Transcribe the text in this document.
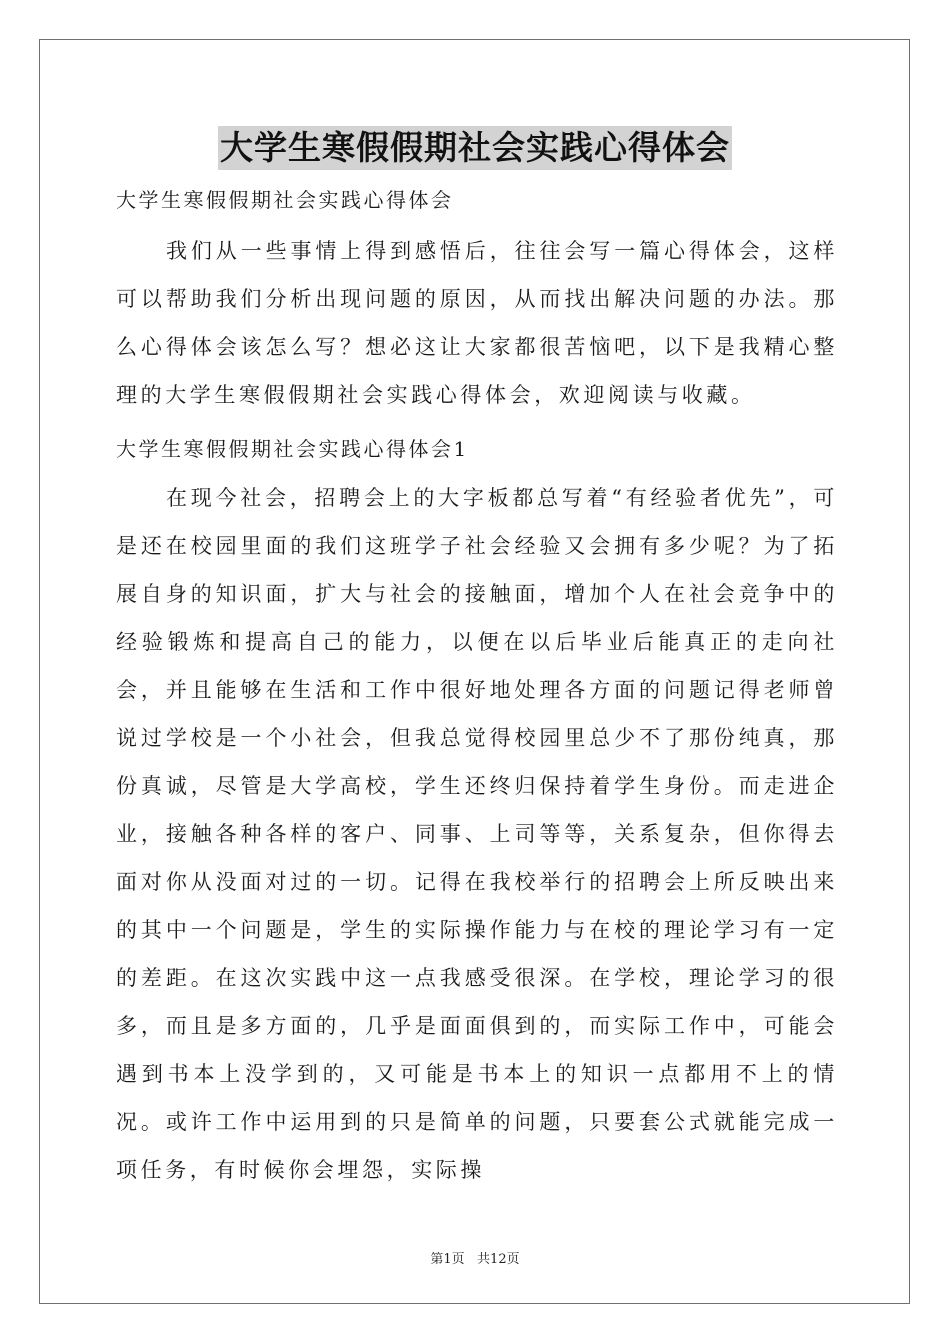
大学生寒假假期社会实践心得体会
大学生寒假假期社会实践心得体会

我们从一些事情上得到感悟后，往往会写一篇心得体会，这样可以帮助我们分析出现问题的原因，从而找出解决问题的办法。那么心得体会该怎么写？想必这让大家都很苦恼吧，以下是我精心整理的大学生寒假假期社会实践心得体会，欢迎阅读与收藏。

大学生寒假假期社会实践心得体会1

在现今社会，招聘会上的大字板都总写着“有经验者优先”，可是还在校园里面的我们这班学子社会经验又会拥有多少呢？为了拓展自身的知识面，扩大与社会的接触面，增加个人在社会竞争中的经验锻炼和提高自己的能力，以便在以后毕业后能真正的走向社会，并且能够在生活和工作中很好地处理各方面的问题记得老师曾说过学校是一个小社会，但我总觉得校园里总少不了那份纯真，那份真诚，尽管是大学高校，学生还终归保持着学生身份。而走进企业，接触各种各样的客户、同事、上司等等，关系复杂，但你得去面对你从没面对过的一切。记得在我校举行的招聘会上所反映出来的其中一个问题是，学生的实际操作能力与在校的理论学习有一定的差距。在这次实践中这一点我感受很深。在学校，理论学习的很多，而且是多方面的，几乎是面面俱到的，而实际工作中，可能会遇到书本上没学到的，又可能是书本上的知识一点都用不上的情况。或许工作中运用到的只是简单的问题，只要套公式就能完成一项任务，有时候你会埋怨，实际操

第1页   共12页
